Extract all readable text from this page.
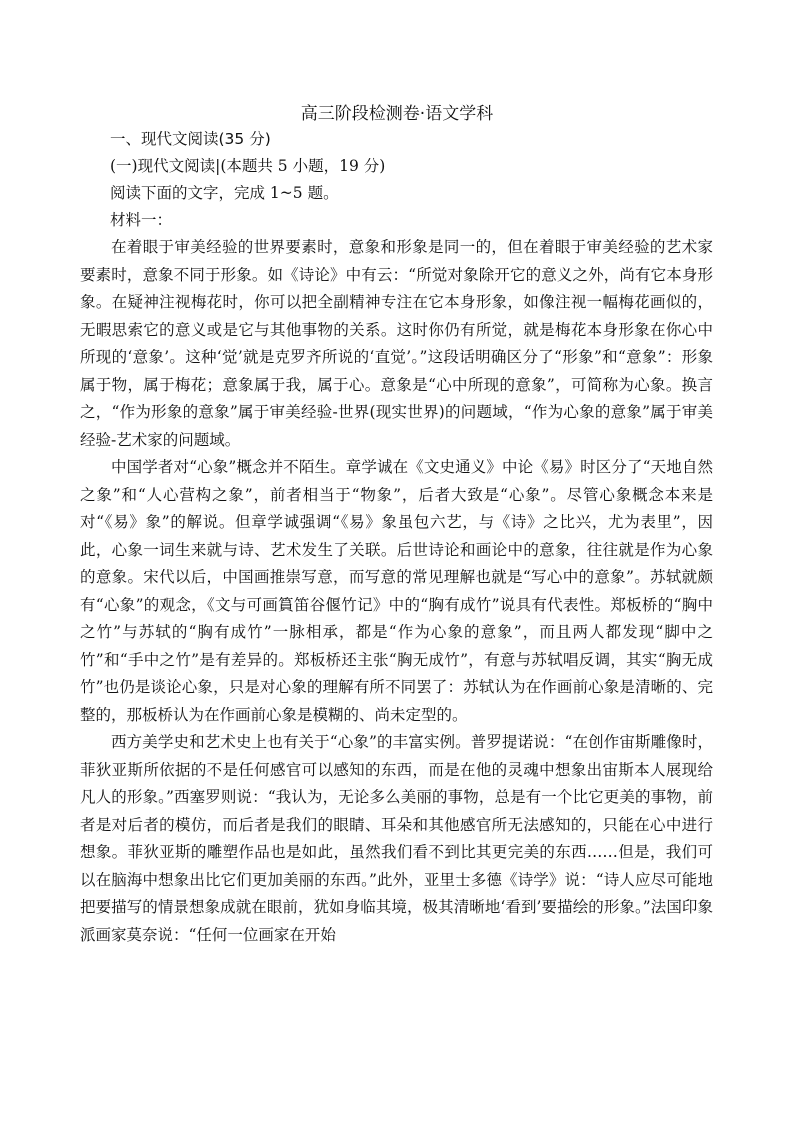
高三阶段检测卷·语文学科
一、现代文阅读(35 分)
(一)现代文阅读|(本题共 5 小题，19 分)
阅读下面的文字，完成 1~5 题。
材料一：

在着眼于审美经验的世界要素时，意象和形象是同一的，但在着眼于审美经验的艺术家要素时，意象不同于形象。如《诗论》中有云：“所觉对象除开它的意义之外，尚有它本身形象。在疑神注视梅花时，你可以把全副精神专注在它本身形象，如像注视一幅梅花画似的，无暇思索它的意义或是它与其他事物的关系。这时你仍有所觉，就是梅花本身形象在你心中所现的‘意象’。这种‘觉’就是克罗齐所说的‘直觉’。”这段话明确区分了“形象”和“意象”：形象属于物，属于梅花；意象属于我，属于心。意象是“心中所现的意象”，可简称为心象。换言之，“作为形象的意象”属于审美经验-世界(现实世界)的问题域，“作为心象的意象”属于审美经验-艺术家的问题域。

中国学者对“心象”概念并不陌生。章学诚在《文史通义》中论《易》时区分了“天地自然之象”和“人心营构之象”，前者相当于“物象”，后者大致是“心象”。尽管心象概念本来是对“《易》象”的解说。但章学诚强调“《易》象虽包六艺，与《诗》之比兴，尤为表里”，因此，心象一词生来就与诗、艺术发生了关联。后世诗论和画论中的意象，往往就是作为心象的意象。宋代以后，中国画推崇写意，而写意的常见理解也就是“写心中的意象”。苏轼就颇有“心象”的观念，《文与可画篔笛谷偃竹记》中的“胸有成竹”说具有代表性。郑板桥的“胸中之竹”与苏轼的“胸有成竹”一脉相承，都是“作为心象的意象”，而且两人都发现“脚中之竹”和“手中之竹”是有差异的。郑板桥还主张“胸无成竹”，有意与苏轼唱反调，其实“胸无成竹”也仍是谈论心象，只是对心象的理解有所不同罢了：苏轼认为在作画前心象是清晰的、完整的，那板桥认为在作画前心象是模糊的、尚未定型的。

西方美学史和艺术史上也有关于“心象”的丰富实例。普罗提诺说：“在创作宙斯雕像时，菲狄亚斯所依据的不是任何感官可以感知的东西，而是在他的灵魂中想象出宙斯本人展现给凡人的形象。”西塞罗则说：“我认为，无论多么美丽的事物，总是有一个比它更美的事物，前者是对后者的模仿，而后者是我们的眼睛、耳朵和其他感官所无法感知的，只能在心中进行想象。菲狄亚斯的雕塑作品也是如此，虽然我们看不到比其更完美的东西……但是，我们可以在脑海中想象出比它们更加美丽的东西。”此外，亚里士多德《诗学》说：“诗人应尽可能地把要描写的情景想象成就在眼前，犹如身临其境，极其清晰地‘看到’要描绘的形象。”法国印象派画家莫奈说：“任何一位画家在开始
